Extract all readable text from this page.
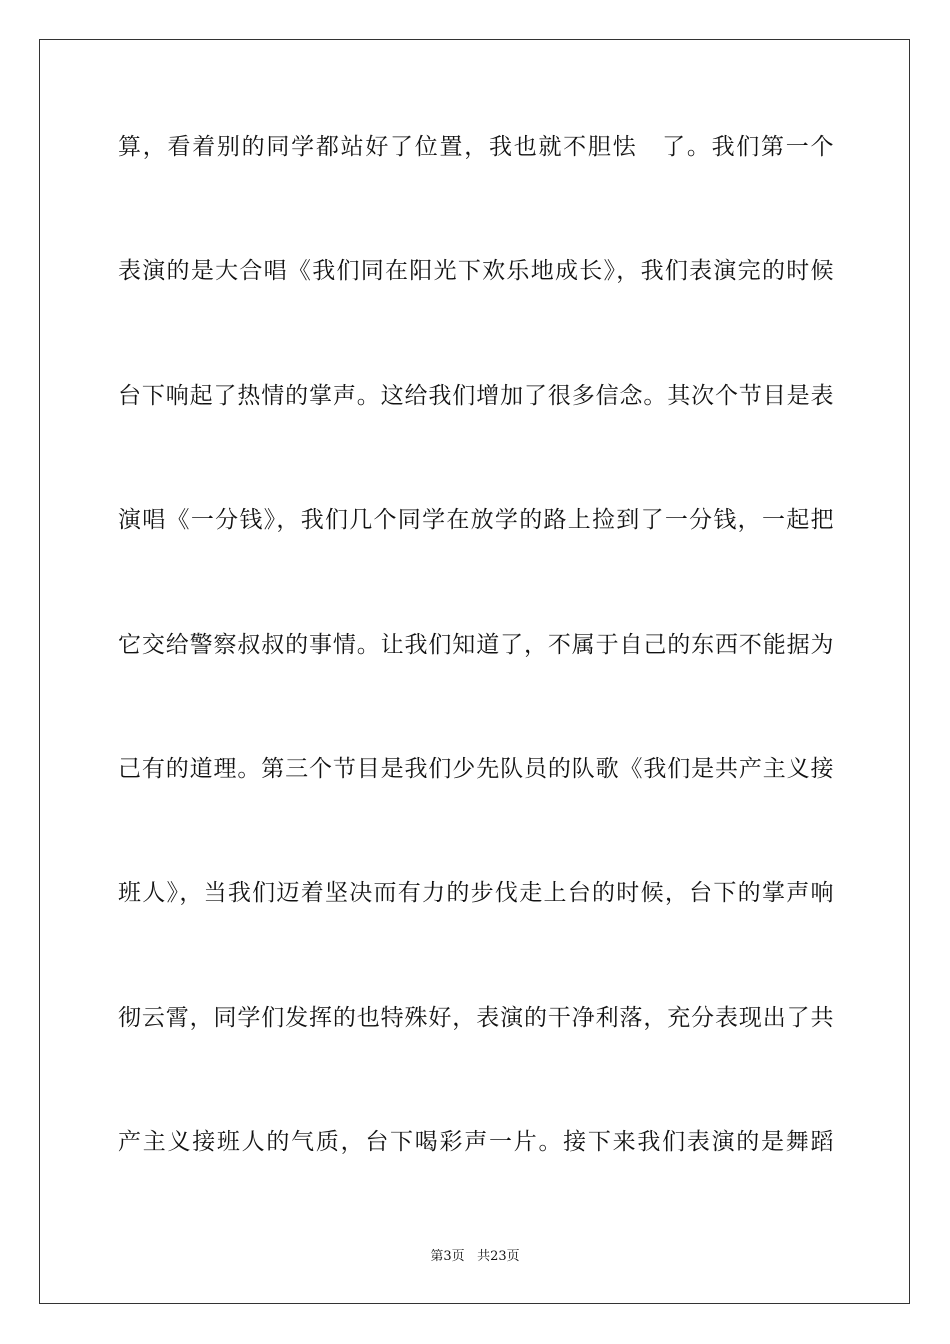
算，看着别的同学都站好了位置，我也就不胆怯　了。我们第一个
表演的是大合唱《我们同在阳光下欢乐地成长》，我们表演完的时候
台下响起了热情的掌声。这给我们增加了很多信念。其次个节目是表
演唱《一分钱》，我们几个同学在放学的路上捡到了一分钱，一起把
它交给警察叔叔的事情。让我们知道了，不属于自己的东西不能据为
己有的道理。第三个节目是我们少先队员的队歌《我们是共产主义接
班人》，当我们迈着坚决而有力的步伐走上台的时候，台下的掌声响
彻云霄，同学们发挥的也特殊好，表演的干净利落，充分表现出了共
产主义接班人的气质，台下喝彩声一片。接下来我们表演的是舞蹈
第3页 共23页
